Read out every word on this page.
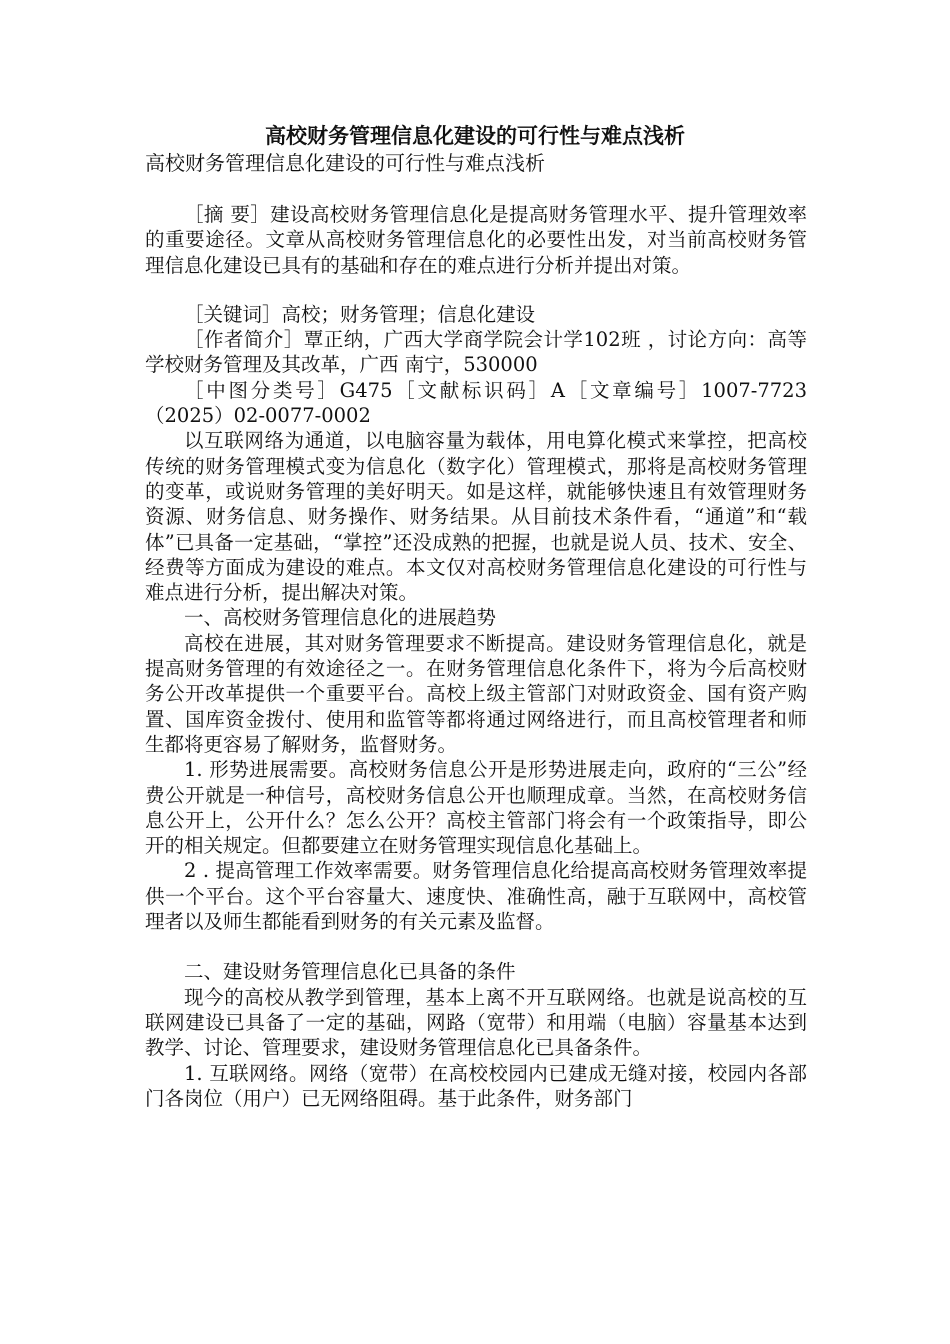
高校财务管理信息化建设的可行性与难点浅析
高校财务管理信息化建设的可行性与难点浅析

［摘 要］建设高校财务管理信息化是提高财务管理水平、提升管理效率的重要途径。文章从高校财务管理信息化的必要性出发，对当前高校财务管理信息化建设已具有的基础和存在的难点进行分析并提出对策。

［关键词］高校；财务管理；信息化建设

［作者简介］覃正纳，广西大学商学院会计学102班 ，讨论方向：高等学校财务管理及其改革，广西 南宁，530000

［中图分类号］G475［文献标识码］A［文章编号］1007-7723（2025）02-0077-0002

以互联网络为通道，以电脑容量为载体，用电算化模式来掌控，把高校传统的财务管理模式变为信息化（数字化）管理模式，那将是高校财务管理的变革，或说财务管理的美好明天。如是这样，就能够快速且有效管理财务资源、财务信息、财务操作、财务结果。从目前技术条件看，“通道”和“载体”已具备一定基础，“掌控”还没成熟的把握，也就是说人员、技术、安全、经费等方面成为建设的难点。本文仅对高校财务管理信息化建设的可行性与难点进行分析，提出解决对策。

一、高校财务管理信息化的进展趋势

高校在进展，其对财务管理要求不断提高。建设财务管理信息化，就是提高财务管理的有效途径之一。在财务管理信息化条件下，将为今后高校财务公开改革提供一个重要平台。高校上级主管部门对财政资金、国有资产购置、国库资金拨付、使用和监管等都将通过网络进行，而且高校管理者和师生都将更容易了解财务，监督财务。

1. 形势进展需要。高校财务信息公开是形势进展走向，政府的“三公”经费公开就是一种信号，高校财务信息公开也顺理成章。当然，在高校财务信息公开上，公开什么？怎么公开？高校主管部门将会有一个政策指导，即公开的相关规定。但都要建立在财务管理实现信息化基础上。

2 . 提高管理工作效率需要。财务管理信息化给提高高校财务管理效率提供一个平台。这个平台容量大、速度快、准确性高，融于互联网中，高校管理者以及师生都能看到财务的有关元素及监督。

二、建设财务管理信息化已具备的条件

现今的高校从教学到管理，基本上离不开互联网络。也就是说高校的互联网建设已具备了一定的基础，网路（宽带）和用端（电脑）容量基本达到教学、讨论、管理要求，建设财务管理信息化已具备条件。

1. 互联网络。网络（宽带）在高校校园内已建成无缝对接，校园内各部门各岗位（用户）已无网络阻碍。基于此条件，财务部门
